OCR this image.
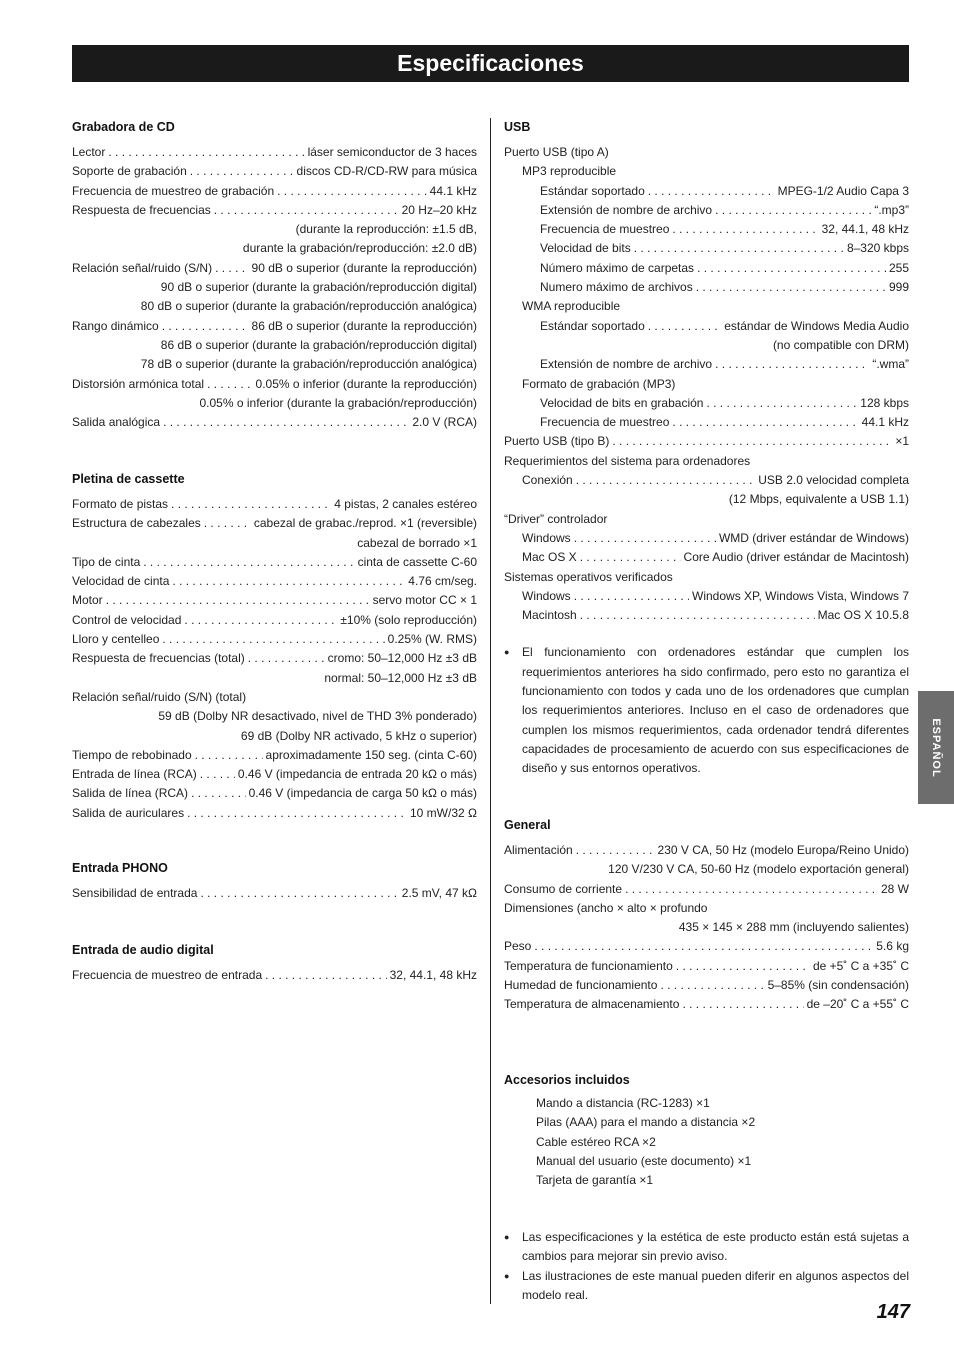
Especificaciones
Grabadora de CD
Lector . . .	láser semiconductor de 3 haces
Soporte de grabación . . .	discos CD-R/CD-RW para música
Frecuencia de muestreo de grabación . . .	44.1 kHz
Respuesta de frecuencias . . .	20 Hz–20 kHz
(durante la reproducción: ±1.5 dB,
durante la grabación/reproducción: ±2.0 dB)
Relación señal/ruido (S/N) . . .	90 dB o superior (durante la reproducción)
90 dB o superior (durante la grabación/reproducción digital)
80 dB o superior (durante la grabación/reproducción analógica)
Rango dinámico . . .	86 dB o superior (durante la reproducción)
86 dB o superior (durante la grabación/reproducción digital)
78 dB o superior (durante la grabación/reproducción analógica)
Distorsión armónica total . . .	0.05% o inferior (durante la reproducción)
0.05% o inferior (durante la grabación/reproducción)
Salida analógica . . .	2.0 V (RCA)
Pletina de cassette
Formato de pistas . . .	4 pistas, 2 canales estéreo
Estructura de cabezales . . .	cabezal de grabac./reprod. ×1 (reversible)
cabezal de borrado ×1
Tipo de cinta . . .	cinta de cassette C-60
Velocidad de cinta . . .	4.76 cm/seg.
Motor . . .	servo motor CC × 1
Control de velocidad . . .	±10% (solo reproducción)
Lloro y centelleo . . .	0.25% (W. RMS)
Respuesta de frecuencias (total) . . .	cromo: 50–12,000 Hz ±3 dB
normal: 50–12,000 Hz ±3 dB
Relación señal/ruido (S/N) (total)
59 dB (Dolby NR desactivado, nivel de THD 3% ponderado)
69 dB (Dolby NR activado, 5 kHz o superior)
Tiempo de rebobinado . . .	aproximadamente 150 seg. (cinta C-60)
Entrada de línea (RCA) . . .	0.46 V (impedancia de entrada 20 kΩ o más)
Salida de línea (RCA) . . .	0.46 V (impedancia de carga 50 kΩ o más)
Salida de auriculares . . .	10 mW/32 Ω
Entrada PHONO
Sensibilidad de entrada . . .	2.5 mV, 47 kΩ
Entrada de audio digital
Frecuencia de muestreo de entrada . . .	32, 44.1, 48 kHz
USB
Puerto USB (tipo A)
MP3 reproducible
Estándar soportado . . .	MPEG-1/2 Audio Capa 3
Extensión de nombre de archivo . . .	“.mp3”
Frecuencia de muestreo . . .	32, 44.1, 48 kHz
Velocidad de bits . . .	8–320 kbps
Número máximo de carpetas . . .	255
Numero máximo de archivos . . .	999
WMA reproducible
Estándar soportado . . .	estándar de Windows Media Audio
(no compatible con DRM)
Extensión de nombre de archivo . . .	“.wma”
Formato de grabación (MP3)
Velocidad de bits en grabación . . .	128 kbps
Frecuencia de muestreo . . .	44.1 kHz
Puerto USB (tipo B) . . .	×1
Requerimientos del sistema para ordenadores
Conexión . . .	USB 2.0 velocidad completa
(12 Mbps, equivalente a USB 1.1)
“Driver” controlador
Windows . . .	WMD (driver estándar de Windows)
Mac OS X . . .	Core Audio (driver estándar de Macintosh)
Sistemas operativos verificados
Windows . . .	Windows XP, Windows Vista, Windows 7
Macintosh . . .	Mac OS X 10.5.8
● El funcionamiento con ordenadores estándar que cumplen los requerimientos anteriores ha sido confirmado, pero esto no garantiza el funcionamiento con todos y cada uno de los ordenadores que cumplan los requerimientos anteriores. Incluso en el caso de ordenadores que cumplen los mismos requerimientos, cada ordenador tendrá diferentes capacidades de procesamiento de acuerdo con sus especificaciones de diseño y sus entornos operativos.
General
Alimentación . . .	230 V CA, 50 Hz (modelo Europa/Reino Unido)
120 V/230 V CA, 50-60 Hz (modelo exportación general)
Consumo de corriente . . .	28 W
Dimensiones (ancho × alto × profundo
435 × 145 × 288 mm (incluyendo salientes)
Peso . . .	5.6 kg
Temperatura de funcionamiento . . .	de +5˚ C a +35˚ C
Humedad de funcionamiento . . .	5–85% (sin condensación)
Temperatura de almacenamiento . . .	de –20˚ C a +55˚ C
Accesorios incluidos
Mando a distancia (RC-1283) ×1
Pilas (AAA) para el mando a distancia ×2
Cable estéreo RCA ×2
Manual del usuario (este documento) ×1
Tarjeta de garantía ×1
● Las especificaciones y la estética de este producto están está sujetas a cambios para mejorar sin previo aviso.
● Las ilustraciones de este manual pueden diferir en algunos aspectos del modelo real.
ESPAÑOL
147
